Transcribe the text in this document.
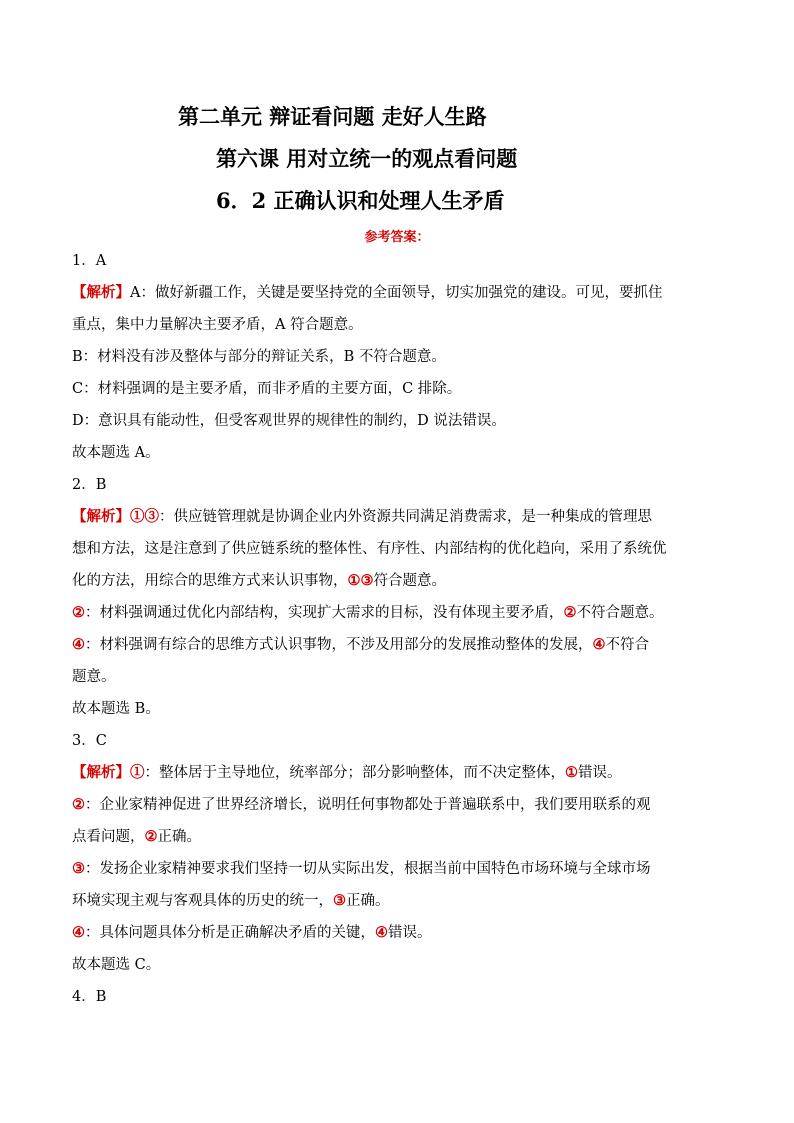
第二单元 辩证看问题 走好人生路
第六课 用对立统一的观点看问题
6．2 正确认识和处理人生矛盾
参考答案：
1．A
【解析】A：做好新疆工作，关键是要坚持党的全面领导，切实加强党的建设。可见，要抓住
重点，集中力量解决主要矛盾，A 符合题意。
B：材料没有涉及整体与部分的辩证关系，B 不符合题意。
C：材料强调的是主要矛盾，而非矛盾的主要方面，C 排除。
D：意识具有能动性，但受客观世界的规律性的制约，D 说法错误。
故本题选 A。
2．B
【解析】①③：供应链管理就是协调企业内外资源共同满足消费需求，是一种集成的管理思
想和方法，这是注意到了供应链系统的整体性、有序性、内部结构的优化趋向，采用了系统优
化的方法，用综合的思维方式来认识事物，①③符合题意。
②：材料强调通过优化内部结构，实现扩大需求的目标，没有体现主要矛盾，②不符合题意。
④：材料强调有综合的思维方式认识事物，不涉及用部分的发展推动整体的发展，④不符合
题意。
故本题选 B。
3．C
【解析】①：整体居于主导地位，统率部分；部分影响整体，而不决定整体，①错误。
②：企业家精神促进了世界经济增长，说明任何事物都处于普遍联系中，我们要用联系的观
点看问题，②正确。
③：发扬企业家精神要求我们坚持一切从实际出发，根据当前中国特色市场环境与全球市场
环境实现主观与客观具体的历史的统一，③正确。
④：具体问题具体分析是正确解决矛盾的关键，④错误。
故本题选 C。
4．B
